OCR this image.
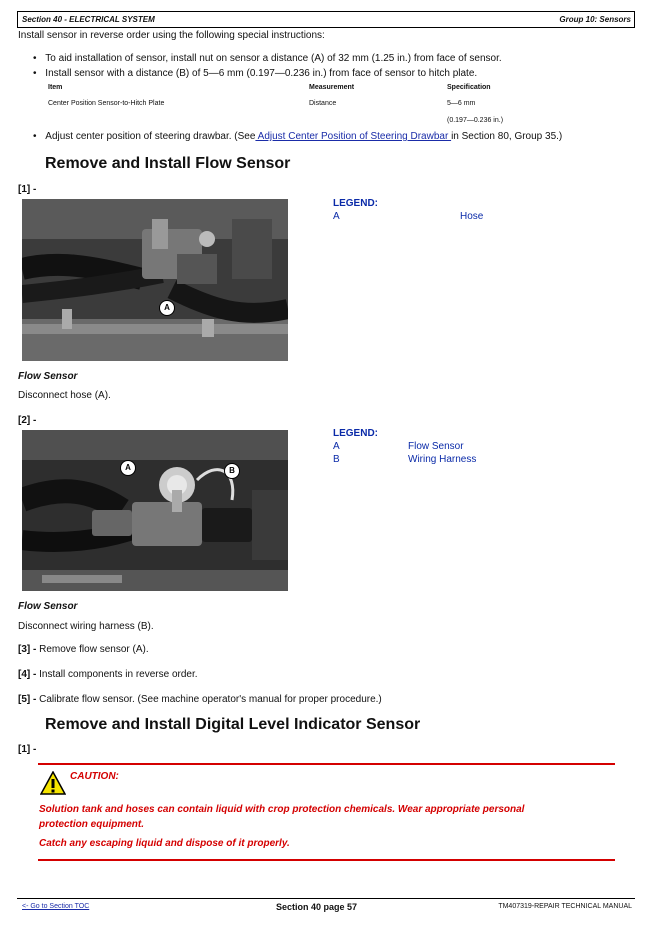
Section 40 - ELECTRICAL SYSTEM	Group 10: Sensors
Install sensor in reverse order using the following special instructions:
• To aid installation of sensor, install nut on sensor a distance (A) of 32 mm (1.25 in.) from face of sensor.
• Install sensor with a distance (B) of 5—6 mm (0.197—0.236 in.) from face of sensor to hitch plate.
Item	Measurement	Specification
Center Position Sensor-to-Hitch Plate	Distance	5—6 mm
(0.197—0.236 in.)
• Adjust center position of steering drawbar. (See Adjust Center Position of Steering Drawbar in Section 80, Group 35.)
Remove and Install Flow Sensor
[1] -
A
LEGEND:
A	Hose
Flow Sensor
Disconnect hose (A).
[2] -
A	B
LEGEND:
A	Flow Sensor
B	Wiring Harness
Flow Sensor
Disconnect wiring harness (B).
[3] - Remove flow sensor (A).
[4] - Install components in reverse order.
[5] - Calibrate flow sensor. (See machine operator's manual for proper procedure.)
Remove and Install Digital Level Indicator Sensor
[1] -
CAUTION:
Solution tank and hoses can contain liquid with crop protection chemicals. Wear appropriate personal
protection equipment.
Catch any escaping liquid and dispose of it properly.
<- Go to Section TOC	Section 40 page 57	TM407319-REPAIR TECHNICAL MANUAL
